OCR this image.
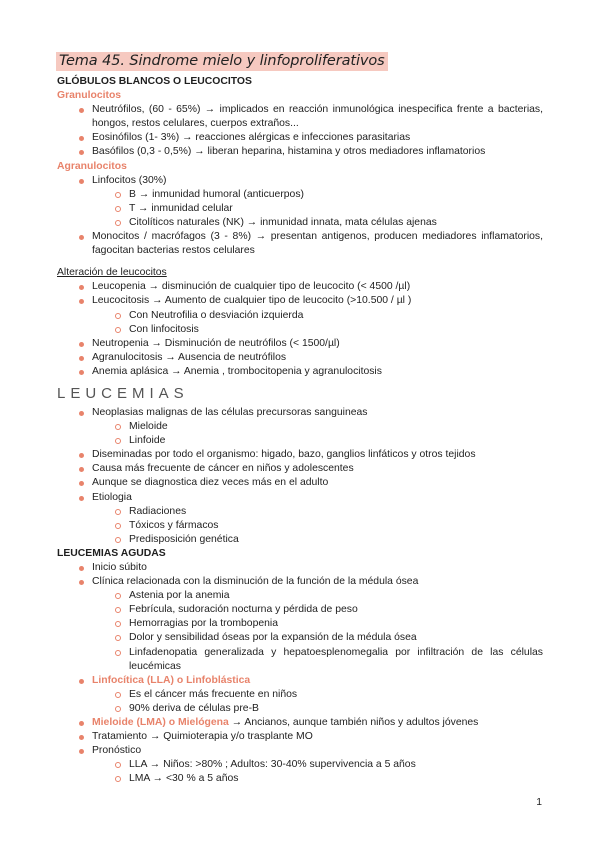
Tema 45. Sindrome mielo y linfoproliferativos
GLÓBULOS BLANCOS O LEUCOCITOS
Granulocitos
Neutrófilos, (60 - 65%) → implicados en reacción inmunológica inespecifica frente a bacterias, hongos, restos celulares, cuerpos extraños...
Eosinófilos (1- 3%) → reacciones alérgicas e infecciones parasitarias
Basófilos (0,3 - 0,5%) → liberan heparina, histamina y otros mediadores inflamatorios
Agranulocitos
Linfocitos (30%)
B → inmunidad humoral (anticuerpos)
T → inmunidad celular
Citolíticos naturales (NK) → inmunidad innata, mata células ajenas
Monocitos / macrófagos (3 - 8%) → presentan antigenos, producen mediadores inflamatorios, fagocitan bacterias restos celulares
Alteración de leucocitos
Leucopenia → disminución de cualquier tipo de leucocito (< 4500 /µl)
Leucocitosis → Aumento de cualquier tipo de leucocito (>10.500 / µl )
Con Neutrofilia o desviación izquierda
Con linfocitosis
Neutropenia → Disminución de neutrófilos (< 1500/µl)
Agranulocitosis → Ausencia de neutrófilos
Anemia aplásica → Anemia , trombocitopenia y agranulocitosis
LEUCEMIAS
Neoplasias malignas de las células precursoras sanguineas
Mieloide
Linfoide
Diseminadas por todo el organismo: higado, bazo, ganglios linfáticos y otros tejidos
Causa más frecuente de cáncer en niños y adolescentes
Aunque se diagnostica diez veces más en el adulto
Etiologia
Radiaciones
Tóxicos y fármacos
Predisposición genética
LEUCEMIAS AGUDAS
Inicio súbito
Clínica relacionada con la disminución de la función de la médula ósea
Astenia por la anemia
Febrícula, sudoración nocturna y pérdida de peso
Hemorragias por la trombopenia
Dolor y sensibilidad óseas por la expansión de la médula ósea
Linfadenopatia generalizada y hepatoesplenomegalia por infiltración de las células leucémicas
Linfocítica (LLA) o Linfoblástica
Es el cáncer más frecuente en niños
90% deriva de células pre-B
Mieloide (LMA) o Mielógena → Ancianos, aunque también niños y adultos jóvenes
Tratamiento → Quimioterapia y/o trasplante MO
Pronóstico
LLA → Niños: >80% ; Adultos: 30-40% supervivencia a 5 años
LMA → <30 % a 5 años
1
